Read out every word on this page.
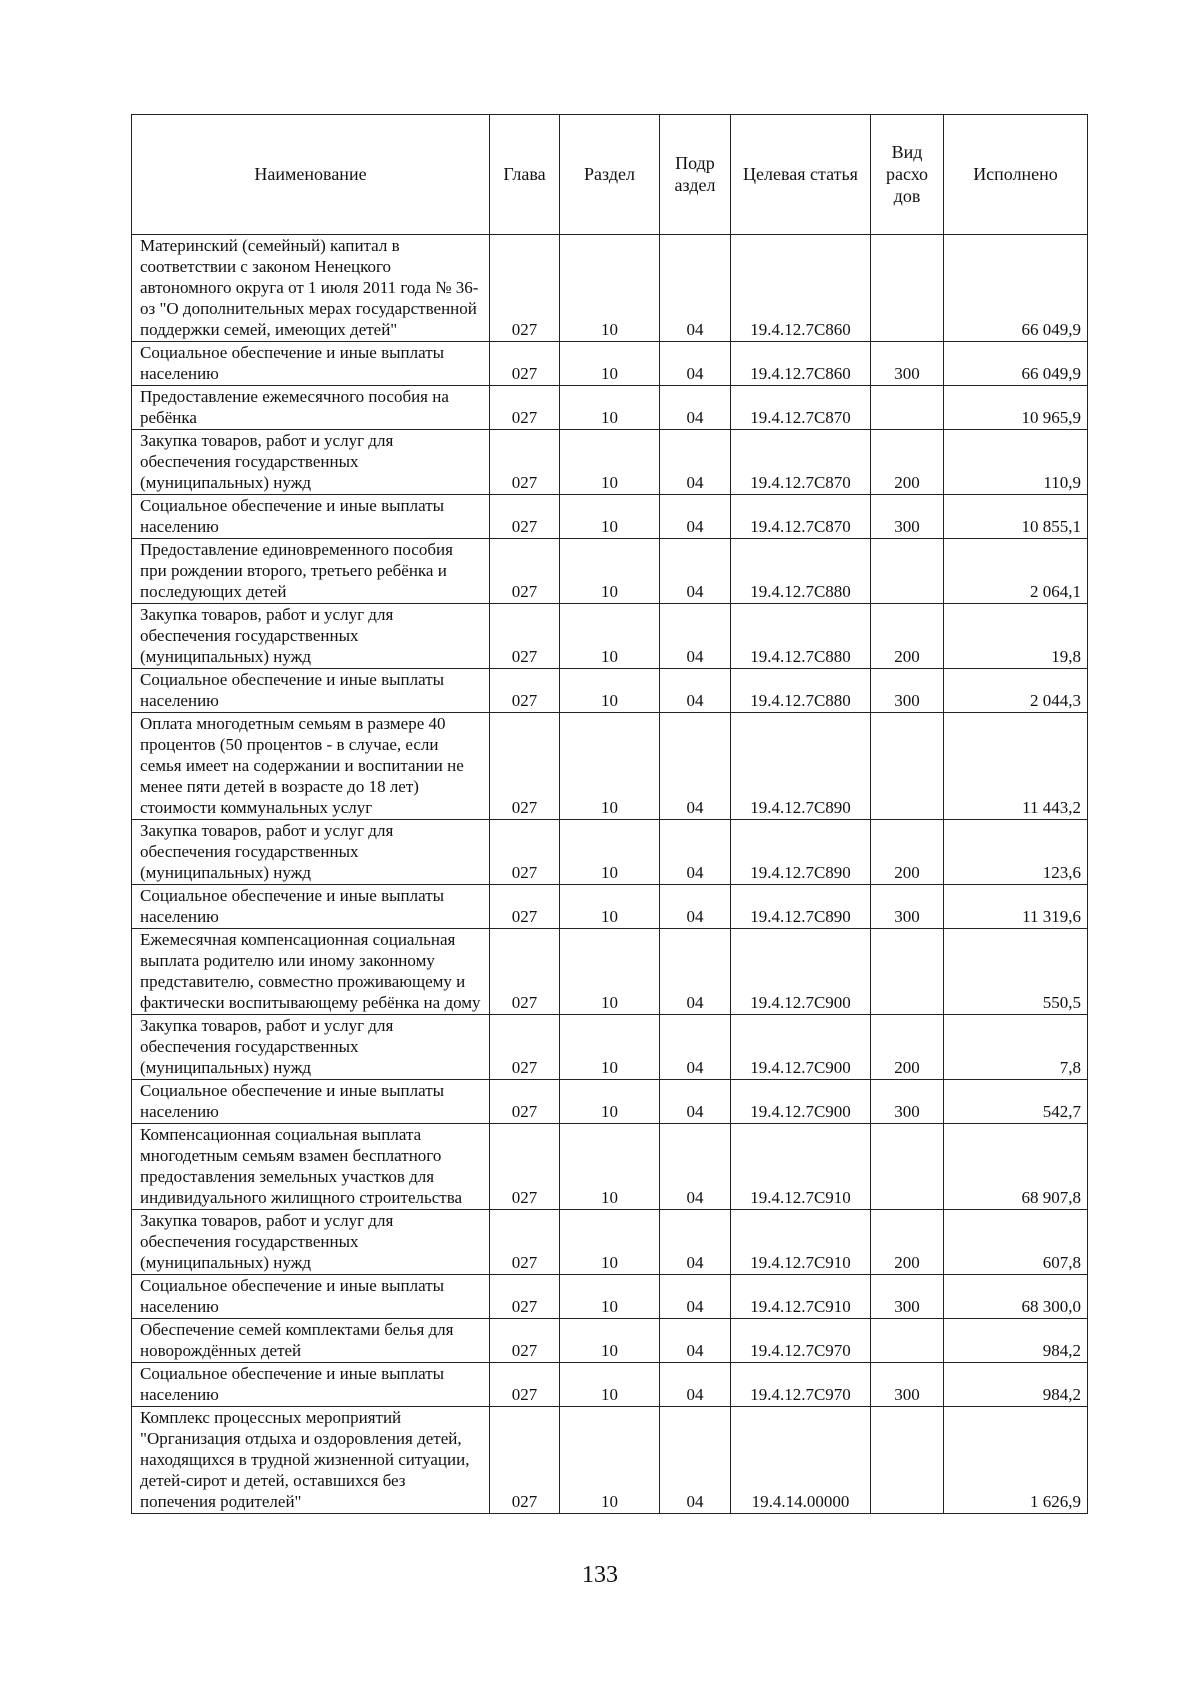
Наименование	Глава	Раздел	Подр аздел	Целевая статья	Вид расхо дов	Исполнено
Материнский (семейный) капитал в соответствии с законом Ненецкого автономного округа от 1 июля 2011 года № 36-оз "О дополнительных мерах государственной поддержки семей, имеющих детей"	027	10	04	19.4.12.7С860		66 049,9
Социальное обеспечение и иные выплаты населению	027	10	04	19.4.12.7С860	300	66 049,9
Предоставление ежемесячного пособия на ребёнка	027	10	04	19.4.12.7С870		10 965,9
Закупка товаров, работ и услуг для обеспечения государственных (муниципальных) нужд	027	10	04	19.4.12.7С870	200	110,9
Социальное обеспечение и иные выплаты населению	027	10	04	19.4.12.7С870	300	10 855,1
Предоставление единовременного пособия при рождении второго, третьего ребёнка и последующих детей	027	10	04	19.4.12.7С880		2 064,1
Закупка товаров, работ и услуг для обеспечения государственных (муниципальных) нужд	027	10	04	19.4.12.7С880	200	19,8
Социальное обеспечение и иные выплаты населению	027	10	04	19.4.12.7С880	300	2 044,3
Оплата многодетным семьям в размере 40 процентов (50 процентов - в случае, если семья имеет на содержании и воспитании не менее пяти детей в возрасте до 18 лет) стоимости коммунальных услуг	027	10	04	19.4.12.7С890		11 443,2
Закупка товаров, работ и услуг для обеспечения государственных (муниципальных) нужд	027	10	04	19.4.12.7С890	200	123,6
Социальное обеспечение и иные выплаты населению	027	10	04	19.4.12.7С890	300	11 319,6
Ежемесячная компенсационная социальная выплата родителю или иному законному представителю, совместно проживающему и фактически воспитывающему ребёнка на дому	027	10	04	19.4.12.7С900		550,5
Закупка товаров, работ и услуг для обеспечения государственных (муниципальных) нужд	027	10	04	19.4.12.7С900	200	7,8
Социальное обеспечение и иные выплаты населению	027	10	04	19.4.12.7С900	300	542,7
Компенсационная социальная выплата многодетным семьям взамен бесплатного предоставления земельных участков для индивидуального жилищного строительства	027	10	04	19.4.12.7С910		68 907,8
Закупка товаров, работ и услуг для обеспечения государственных (муниципальных) нужд	027	10	04	19.4.12.7С910	200	607,8
Социальное обеспечение и иные выплаты населению	027	10	04	19.4.12.7С910	300	68 300,0
Обеспечение семей комплектами белья для новорождённых детей	027	10	04	19.4.12.7С970		984,2
Социальное обеспечение и иные выплаты населению	027	10	04	19.4.12.7С970	300	984,2
Комплекс процессных мероприятий "Организация отдыха и оздоровления детей, находящихся в трудной жизненной ситуации, детей-сирот и детей, оставшихся без попечения родителей"	027	10	04	19.4.14.00000		1 626,9
133
